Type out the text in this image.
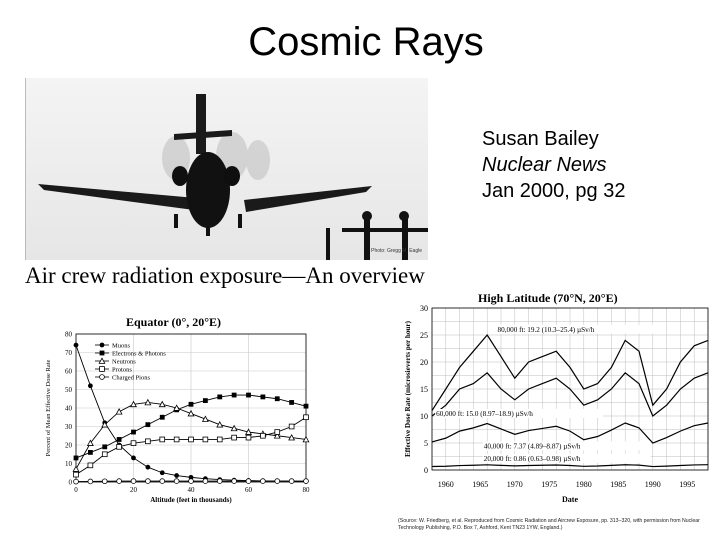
Cosmic Rays
Susan Bailey
Nuclear News
Jan 2000, pg 32
Photo: Gregg M. Eagle
Air crew radiation exposure—An overview
Equator (0°, 20°E)
0
10
20
30
40
50
60
70
80
0	20	40	60	80
Altitude (feet in thousands)
Percent of Mean Effective Dose Rate
Muons
Electrons & Photons
Neutrons
Protons
Charged Pions
High Latitude (70°N, 20°E)
0
5
10
15
20
25
30
1960 1965 1970 1975 1980 1985 1990 1995
Date
Effective Dose Rate (microsieverts per hour)	80,000 ft: 19.2 (10.3–25.4) µSv/h
60,000 ft: 15.0 (8.97–18.9) µSv/h
40,000 ft: 7.37 (4.89–8.87) µSv/h
20,000 ft: 0.86 (0.63–0.98) µSv/h
(Source: W. Friedberg, et al. Reproduced from Cosmic Radiation and Aircrew Exposure, pp. 313–320, with permission from Nuclear Technology Publishing, P.O. Box 7, Ashford, Kent TN23 1YW, England.)
